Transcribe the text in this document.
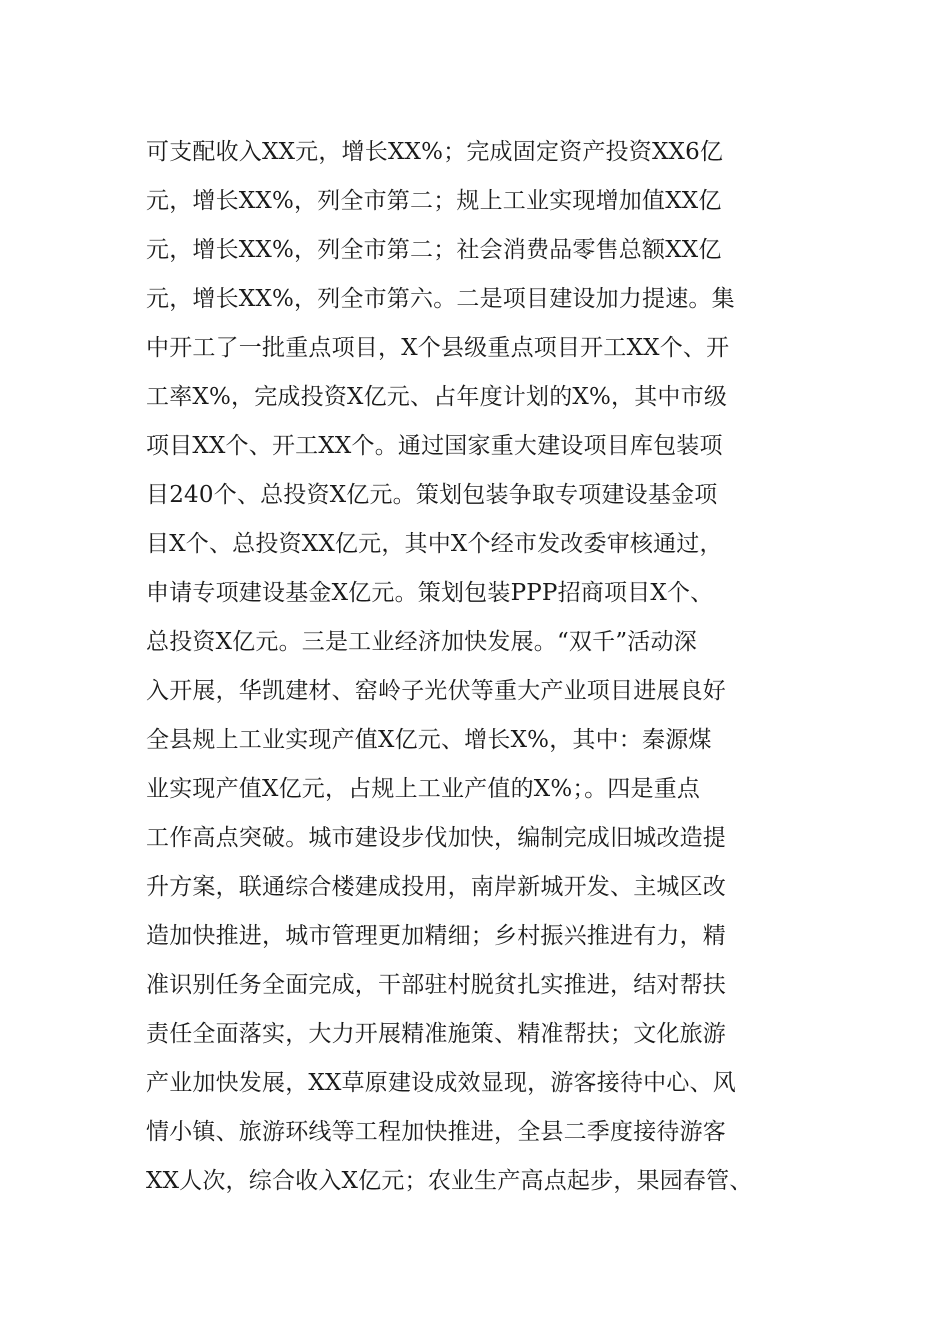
可支配收入XX元，增长XX%；完成固定资产投资XX6亿
元，增长XX%，列全市第二；规上工业实现增加值XX亿
元，增长XX%，列全市第二；社会消费品零售总额XX亿
元，增长XX%，列全市第六。二是项目建设加力提速。集
中开工了一批重点项目，X个县级重点项目开工XX个、开
工率X%，完成投资X亿元、占年度计划的X%，其中市级
项目XX个、开工XX个。通过国家重大建设项目库包装项
目240个、总投资X亿元。策划包装争取专项建设基金项
目X个、总投资XX亿元，其中X个经市发改委审核通过，
申请专项建设基金X亿元。策划包装PPP招商项目X个、
总投资X亿元。三是工业经济加快发展。“双千”活动深
入开展，华凯建材、窑岭子光伏等重大产业项目进展良好
全县规上工业实现产值X亿元、增长X%，其中：秦源煤
业实现产值X亿元，占规上工业产值的X%；。四是重点
工作高点突破。城市建设步伐加快，编制完成旧城改造提
升方案，联通综合楼建成投用，南岸新城开发、主城区改
造加快推进，城市管理更加精细；乡村振兴推进有力，精
准识别任务全面完成，干部驻村脱贫扎实推进，结对帮扶
责任全面落实，大力开展精准施策、精准帮扶；文化旅游
产业加快发展，XX草原建设成效显现，游客接待中心、风
情小镇、旅游环线等工程加快推进，全县二季度接待游客
XX人次，综合收入X亿元；农业生产高点起步，果园春管、
